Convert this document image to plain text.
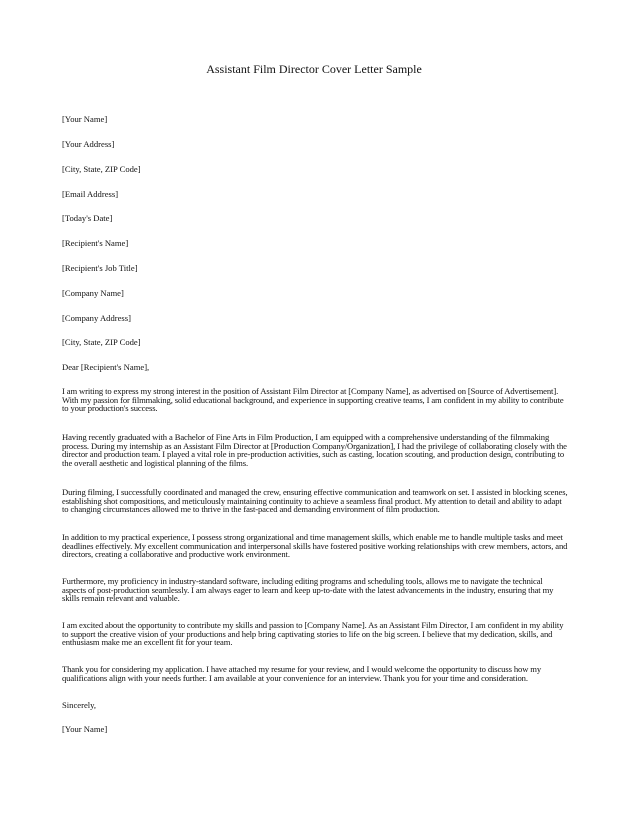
Assistant Film Director Cover Letter Sample
[Your Name]
[Your Address]
[City, State, ZIP Code]
[Email Address]
[Today's Date]
[Recipient's Name]
[Recipient's Job Title]
[Company Name]
[Company Address]
[City, State, ZIP Code]
Dear [Recipient's Name],
I am writing to express my strong interest in the position of Assistant Film Director at [Company Name], as advertised on [Source of Advertisement]. With my passion for filmmaking, solid educational background, and experience in supporting creative teams, I am confident in my ability to contribute to your production's success.
Having recently graduated with a Bachelor of Fine Arts in Film Production, I am equipped with a comprehensive understanding of the filmmaking process. During my internship as an Assistant Film Director at [Production Company/Organization], I had the privilege of collaborating closely with the director and production team. I played a vital role in pre-production activities, such as casting, location scouting, and production design, contributing to the overall aesthetic and logistical planning of the films.
During filming, I successfully coordinated and managed the crew, ensuring effective communication and teamwork on set. I assisted in blocking scenes, establishing shot compositions, and meticulously maintaining continuity to achieve a seamless final product. My attention to detail and ability to adapt to changing circumstances allowed me to thrive in the fast-paced and demanding environment of film production.
In addition to my practical experience, I possess strong organizational and time management skills, which enable me to handle multiple tasks and meet deadlines effectively. My excellent communication and interpersonal skills have fostered positive working relationships with crew members, actors, and directors, creating a collaborative and productive work environment.
Furthermore, my proficiency in industry-standard software, including editing programs and scheduling tools, allows me to navigate the technical aspects of post-production seamlessly. I am always eager to learn and keep up-to-date with the latest advancements in the industry, ensuring that my skills remain relevant and valuable.
I am excited about the opportunity to contribute my skills and passion to [Company Name]. As an Assistant Film Director, I am confident in my ability to support the creative vision of your productions and help bring captivating stories to life on the big screen. I believe that my dedication, skills, and enthusiasm make me an excellent fit for your team.
Thank you for considering my application. I have attached my resume for your review, and I would welcome the opportunity to discuss how my qualifications align with your needs further. I am available at your convenience for an interview. Thank you for your time and consideration.
Sincerely,
[Your Name]
